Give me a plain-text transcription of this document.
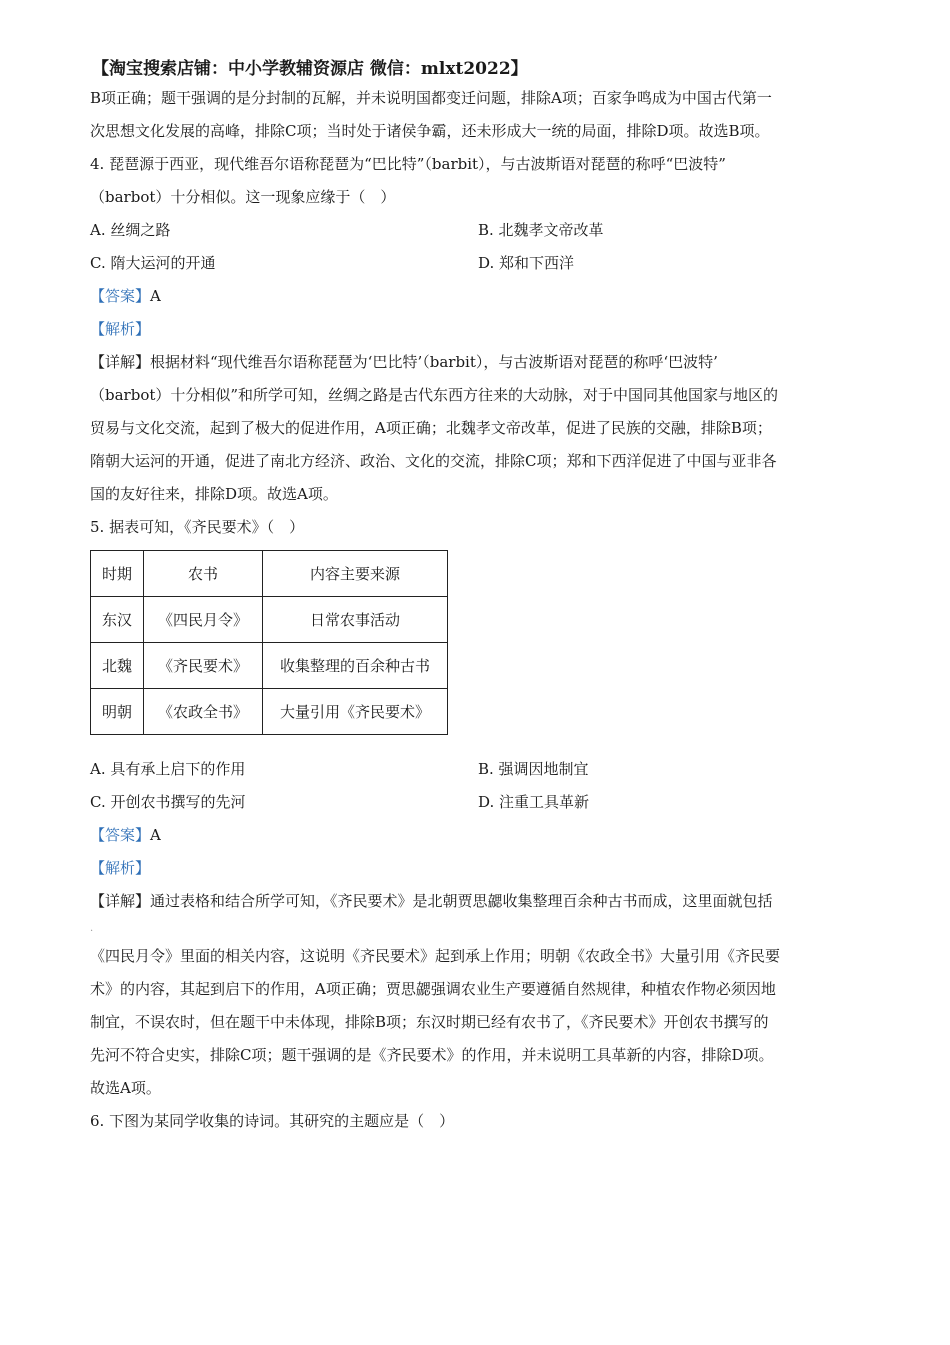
【淘宝搜索店铺：中小学教辅资源店 微信：mlxt2022】

B项正确；题干强调的是分封制的瓦解，并未说明国都变迁问题，排除A项；百家争鸣成为中国古代第一

次思想文化发展的高峰，排除C项；当时处于诸侯争霸，还未形成大一统的局面，排除D项。故选B项。

4. 琵琶源于西亚，现代维吾尔语称琵琶为“巴比特”（barbit），与古波斯语对琵琶的称呼“巴波特”

（barbot）十分相似。这一现象应缘于（　）

A. 丝绸之路	B. 北魏孝文帝改革
C. 隋大运河的开通	D. 郑和下西洋

【答案】A

【解析】

【详解】根据材料“现代维吾尔语称琵琶为‘巴比特’（barbit），与古波斯语对琵琶的称呼‘巴波特’

（barbot）十分相似”和所学可知，丝绸之路是古代东西方往来的大动脉，对于中国同其他国家与地区的

贸易与文化交流，起到了极大的促进作用，A项正确；北魏孝文帝改革，促进了民族的交融，排除B项；

隋朝大运河的开通，促进了南北方经济、政治、文化的交流，排除C项；郑和下西洋促进了中国与亚非各

国的友好往来，排除D项。故选A项。

5. 据表可知，《齐民要术》（　）

时期	农书	内容主要来源
东汉	《四民月令》	日常农事活动
北魏	《齐民要术》	收集整理的百余种古书
明朝	《农政全书》	大量引用《齐民要术》
A. 具有承上启下的作用	B. 强调因地制宜
C. 开创农书撰写的先河	D. 注重工具革新

【答案】A

【解析】

【详解】通过表格和结合所学可知，《齐民要术》是北朝贾思勰收集整理百余种古书而成，这里面就包括

.

《四民月令》里面的相关内容，这说明《齐民要术》起到承上作用；明朝《农政全书》大量引用《齐民要

术》的内容，其起到启下的作用，A项正确；贾思勰强调农业生产要遵循自然规律，种植农作物必须因地

制宜，不误农时，但在题干中未体现，排除B项；东汉时期已经有农书了，《齐民要术》开创农书撰写的

先河不符合史实，排除C项；题干强调的是《齐民要术》的作用，并未说明工具革新的内容，排除D项。

故选A项。

6. 下图为某同学收集的诗词。其研究的主题应是（　）
